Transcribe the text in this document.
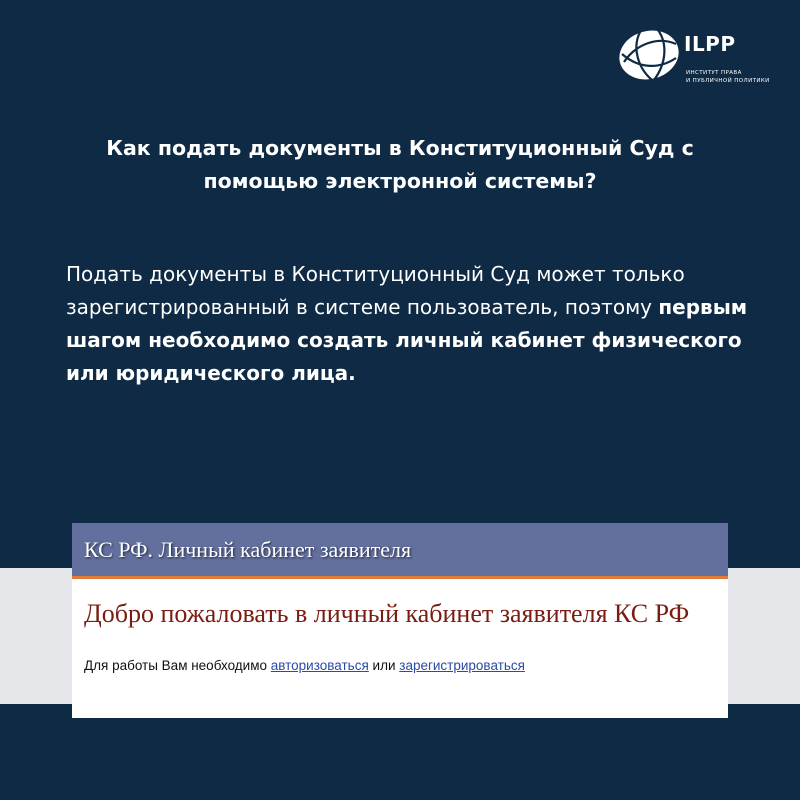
ILPP
ИНСТИТУТ ПРАВА
И ПУБЛИЧНОЙ ПОЛИТИКИ
Как подать документы в Конституционный Суд с
помощью электронной системы?
Подать документы в Конституционный Суд может только зарегистрированный в системе пользователь, поэтому первым шагом необходимо создать личный кабинет физического или юридического лица.
КС РФ. Личный кабинет заявителя
Добро пожаловать в личный кабинет заявителя КС РФ
Для работы Вам необходимо авторизоваться или зарегистрироваться
